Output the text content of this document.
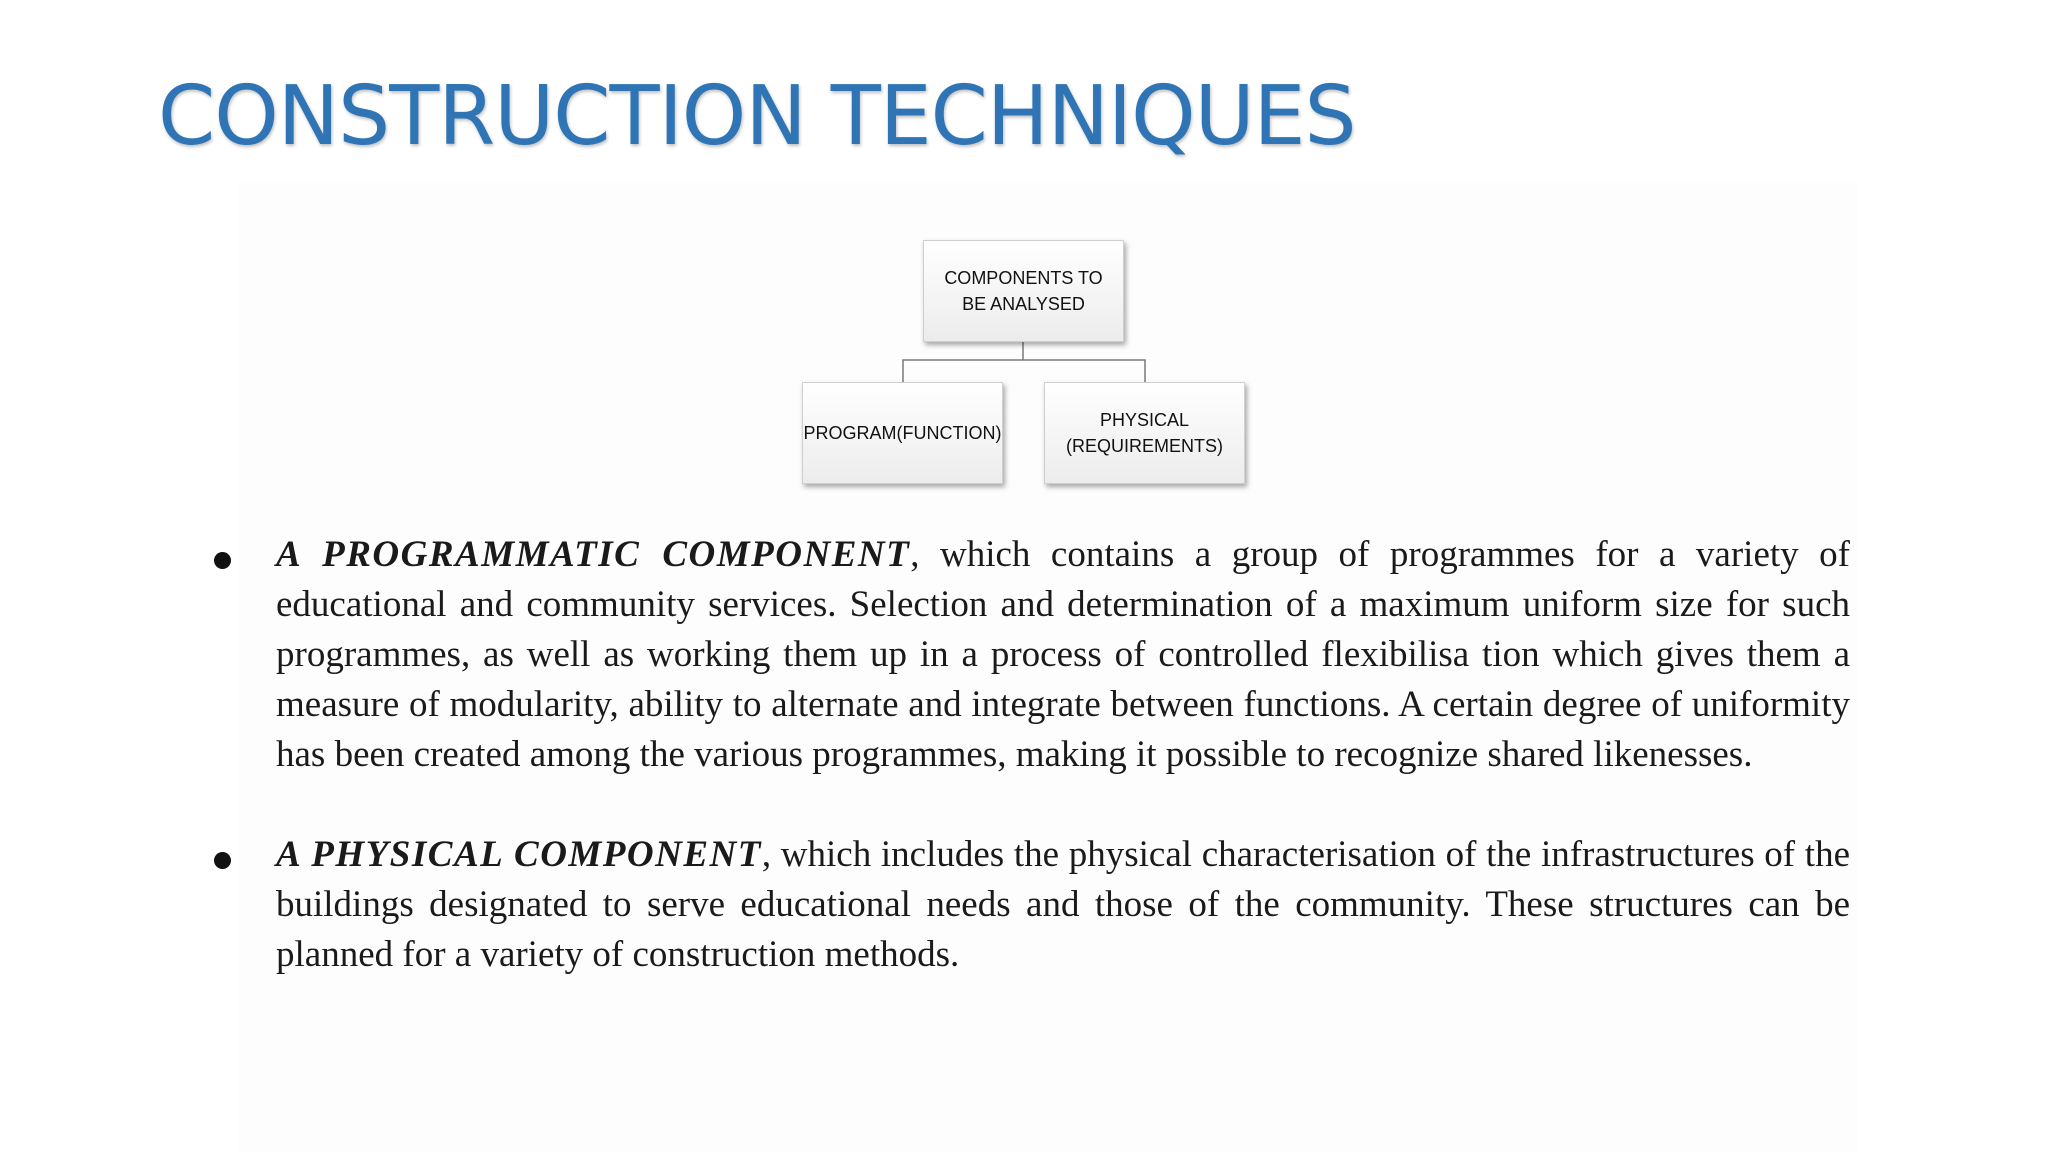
CONSTRUCTION TECHNIQUES
COMPONENTS TO BE ANALYSED
PROGRAM(FUNCTION)
PHYSICAL (REQUIREMENTS)
A PROGRAMMATIC COMPONENT, which contains a group of programmes for a variety of educational and community services. Selection and determination of a maximum uniform size for such programmes, as well as working them up in a process of controlled flexibilisa tion which gives them a measure of modularity, ability to alternate and integrate between functions. A certain degree of uniformity has been created among the various programmes, making it possible to recognize shared likenesses.
A PHYSICAL COMPONENT, which includes the physical characterisation of the infrastructures of the buildings designated to serve educational needs and those of the community. These structures can be planned for a variety of construction methods.
